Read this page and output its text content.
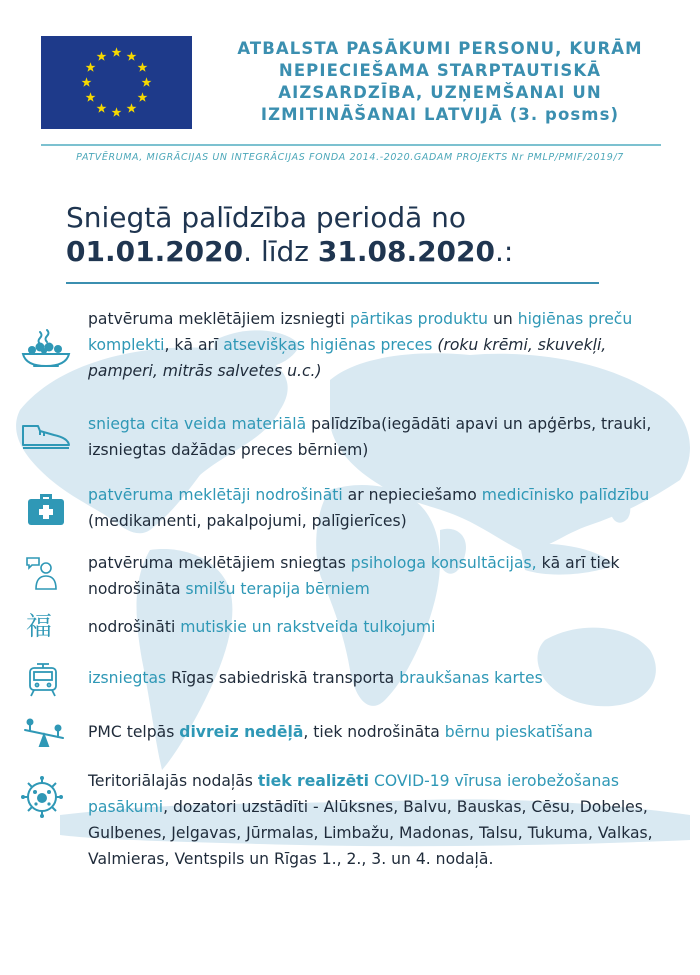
ATBALSTA PASĀKUMI PERSONU, KURĀM
NEPIECIEŠAMA STARPTAUTISKĀ
AIZSARDZĪBA, UZŅEMŠANAI UN
IZMITINĀŠANAI LATVIJĀ (3. posms)
PATVĒRUMA, MIGRĀCIJAS UN INTEGRĀCIJAS FONDA 2014.-2020.GADAM PROJEKTS Nr PMLP/PMIF/2019/7
Sniegtā palīdzība periodā no
01.01.2020. līdz 31.08.2020.:
福
patvēruma meklētājiem izsniegti pārtikas produktu un higiēnas preču komplekti, kā arī atsevišķas higiēnas preces (roku krēmi, skuvekļi, pamperi, mitrās salvetes u.c.)
sniegta cita veida materiālā palīdzība(iegādāti apavi un apģērbs, trauki, izsniegtas dažādas preces bērniem)
patvēruma meklētāji nodrošināti ar nepieciešamo medicīnisko palīdzību (medikamenti, pakalpojumi, palīgierīces)
patvēruma meklētājiem sniegtas psihologa konsultācijas, kā arī tiek nodrošināta smilšu terapija bērniem
nodrošināti mutiskie un rakstveida tulkojumi
izsniegtas Rīgas sabiedriskā transporta braukšanas kartes
PMC telpās divreiz nedēļā, tiek nodrošināta bērnu pieskatīšana
Teritoriālajās nodaļās tiek realizēti COVID-19 vīrusa ierobežošanas pasākumi, dozatori uzstādīti - Alūksnes, Balvu, Bauskas, Cēsu, Dobeles, Gulbenes, Jelgavas, Jūrmalas, Limbažu, Madonas, Talsu, Tukuma, Valkas, Valmieras, Ventspils un Rīgas 1., 2., 3. un 4. nodaļā.
